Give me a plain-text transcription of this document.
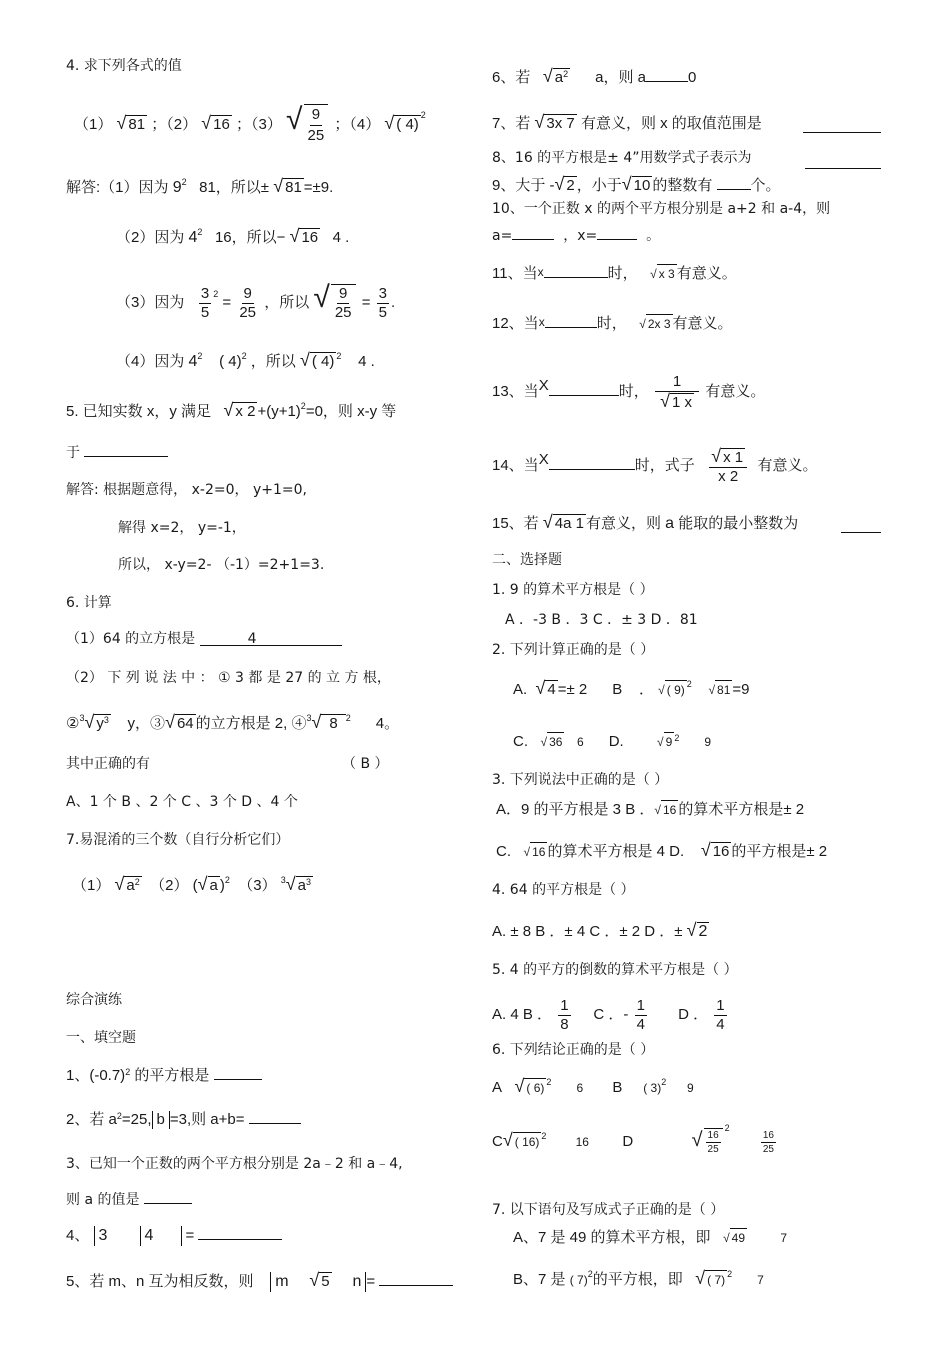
4. 求下列各式的值
（1） √ 81 ；（2） √ 16 ；（3） √ $\frac{9}{25}$ ；（4） √ ( 4)$^2$
解答:（1）因为 $9^2$ 81，所以± √ 81 =±9.
（2）因为 $4^2$ 16，所以− √ 16 4 .
（3）因为 $\frac{3}{5} ^2 = \frac{9}{25}$ ，所以 √ $\frac{9}{25} = \frac{3}{5}$ .
（4）因为 $4^2$ ( 4)$^2$ ，所以 √ ( 4) $^2$ 4 .
5. 已知实数 x，y 满足 √ x $2 +(y+1)^2=0$，则 x-y 等
于
解答: 根据题意得， x-2=0， y+1=0,
解得 x=2， y=-1，
所以， x-y=2- （-1）=2+1=3.
6. 计算
（1）64 的立方根是	4
（2） 下 列 说 法 中 ： ① 3 都 是 27 的 立 方 根，
②$^3$√ $y^3$ y，③√ 64 的立方根是 2, ④$^3$√ 8 $^2$ 4。
其中正确的有	（ B ）
A、1 个 B 、2 个 C 、3 个 D 、4 个
7.易混淆的三个数（自行分析它们）
（1） √ $a^2$ （2） (√ a )$^2$ （3） $^3$√ $a^3$
综合演练
一、填空题
1、$(-0.7)^2$ 的平方根是
2、若 $a^2=25$, b =3,则 a+b=
3、已知一个正数的两个平方根分别是 2a﹣2 和 a﹣4,
则 a 的值是
4、 3 4 =
5、若 m、n 互为相反数，则 m √ 5 n =
6、若 √ $a^2$ a，则 a	0
7、若 √ 3x 7 有意义，则 x 的取值范围是
8、16 的平方根是± 4”用数学式子表示为
9、大于 -√ 2 ，小于√ 10 的整数有	个。
10、一个正数 x 的两个平方根分别是 a+2 和 a-4，则
a=	，x=	。
11、当$^x$	时， √ x 3 有意义。
12、当$^x$	时， √ 2x 3 有意义。
13、当X	时， $\frac{1}{√ 1 x}$ 有意义。
14、当X	时，式子 $\frac{√ x 1}{x 2}$ 有意义。
15、若 √ 4a 1 有意义，则 a 能取的最小整数为
二、选择题
1. 9 的算术平方根是（ ）
A ．-3 B ．3 C ．± 3 D ．81
2. 下列计算正确的是（ ）
A. √ 4 =± 2 B ． √ ( 9) $^2$ √ 81 =9
C. √ 36 6 D.	√ 9 $^2$ 9
3. 下列说法中正确的是（ ）
A．9 的平方根是 3 B ．√ 16 的算术平方根是± 2
C. √ 16 的算术平方根是 4 D. √ 16 的平方根是± 2
4. 64 的平方根是（ ）
A. ± 8 B ．± 4 C ．± 2 D ．± √ 2
5. 4 的平方的倒数的算术平方根是（ ）
A. 4 B ． $\frac{1}{8}$ C ．- $\frac{1}{4}$ D ． $\frac{1}{4}$
6. 下列结论正确的是（ ）
A √ ( 6) $^2$ 6 B ( 3)$^2$ 9
C√ ( 16) $^2$ 16 D	√ $\frac{16}{25}$
$^2$
$\frac{16}{25}$
7. 以下语句及写成式子正确的是（ ）
A、7 是 49 的算术平方根，即 √ 49	7
B、7 是 ( 7)$^2$的平方根，即 √ ( 7) $^2$ 7
